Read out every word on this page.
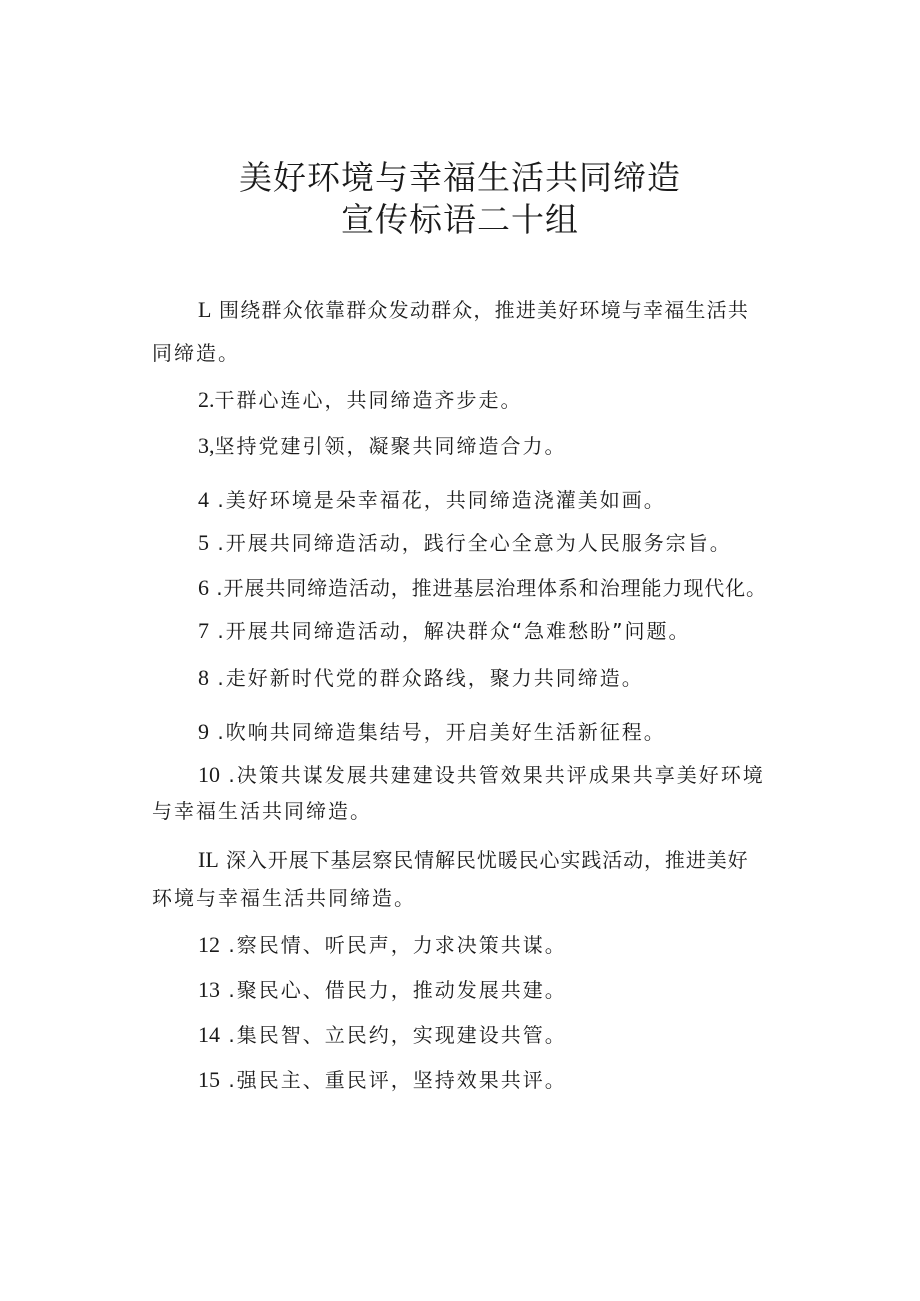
美好环境与幸福生活共同缔造
宣传标语二十组
L 围绕群众依靠群众发动群众，推进美好环境与幸福生活共
同缔造。
2.干群心连心，共同缔造齐步走。
3,坚持党建引领，凝聚共同缔造合力。
4 .美好环境是朵幸福花，共同缔造浇灌美如画。
5 .开展共同缔造活动，践行全心全意为人民服务宗旨。
6 .开展共同缔造活动，推进基层治理体系和治理能力现代化。
7 .开展共同缔造活动，解决群众“急难愁盼”问题。
8 .走好新时代党的群众路线，聚力共同缔造。
9 .吹响共同缔造集结号，开启美好生活新征程。
10 .决策共谋发展共建建设共管效果共评成果共享美好环境
与幸福生活共同缔造。
IL 深入开展下基层察民情解民忧暖民心实践活动，推进美好
环境与幸福生活共同缔造。
12 .察民情、听民声，力求决策共谋。
13 .聚民心、借民力，推动发展共建。
14 .集民智、立民约，实现建设共管。
15 .强民主、重民评，坚持效果共评。
